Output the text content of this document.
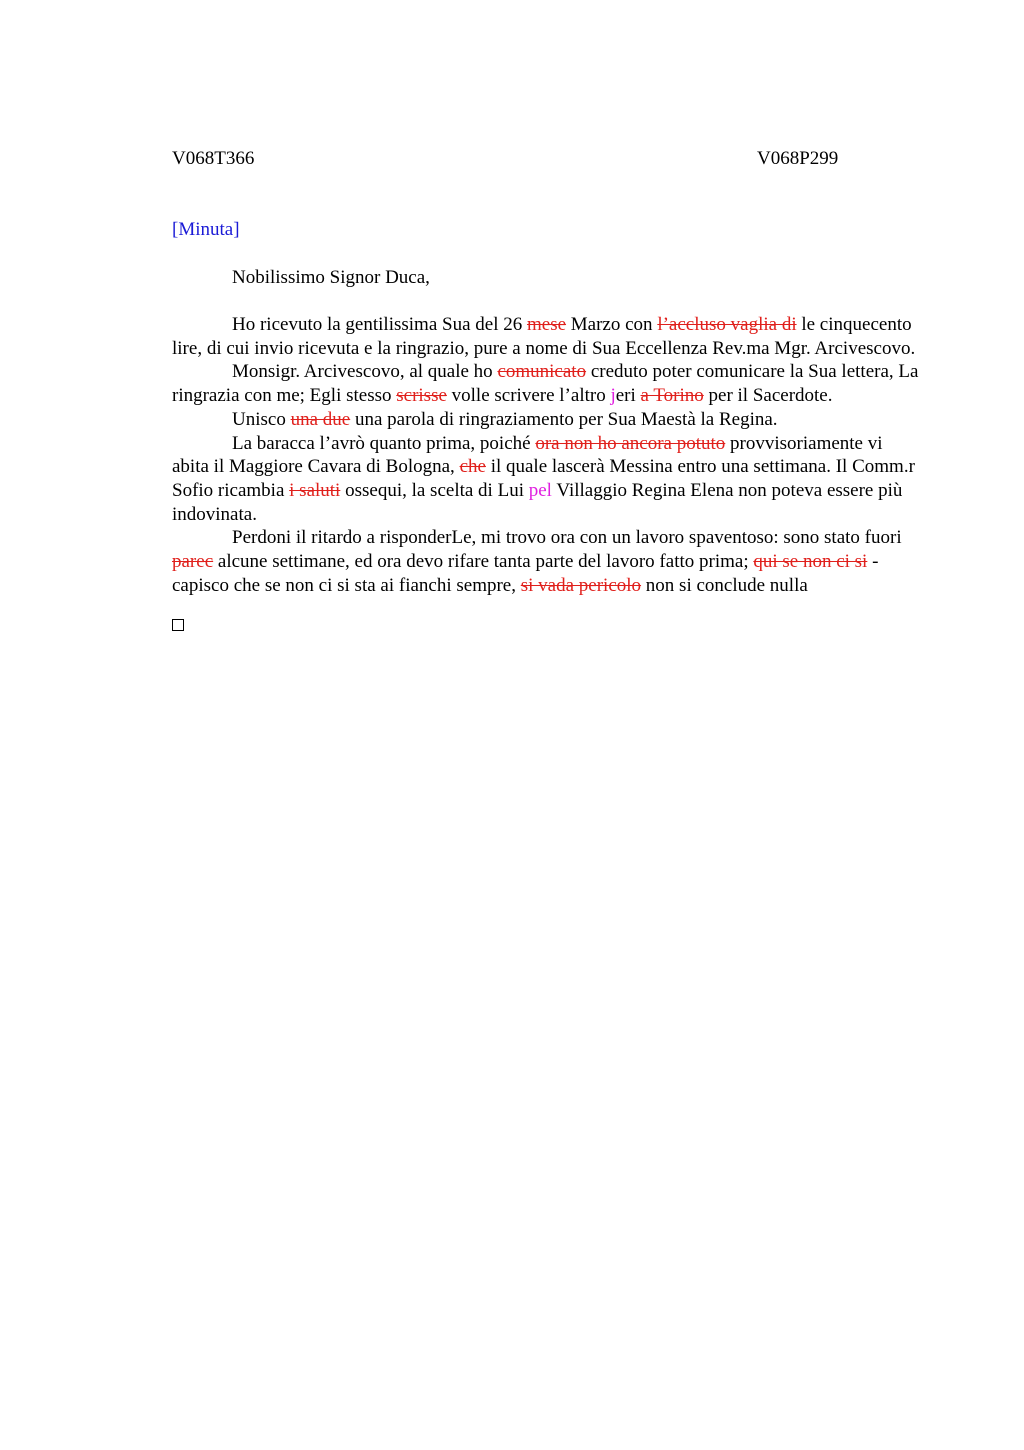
V068T366	V068P299
[Minuta]
Nobilissimo Signor Duca,

Ho ricevuto la gentilissima Sua del 26 mese Marzo con l’accluso vaglia di le cinquecento lire, di cui invio ricevuta e la ringrazio, pure a nome di Sua Eccellenza Rev.ma Mgr. Arcivescovo.

Monsigr. Arcivescovo, al quale ho comunicato creduto poter comunicare la Sua lettera, La ringrazia con me; Egli stesso scrisse volle scrivere l’altro jeri a Torino per il Sacerdote.

Unisco una due una parola di ringraziamento per Sua Maestà la Regina.

La baracca l’avrò quanto prima, poiché ora non ho ancora potuto provvisoriamente vi abita il Maggiore Cavara di Bologna, che il quale lascerà Messina entro una settimana. Il Comm.r Sofio ricambia i saluti ossequi, la scelta di Lui pel Villaggio Regina Elena non poteva essere più indovinata.

Perdoni il ritardo a risponderLe, mi trovo ora con un lavoro spaventoso: sono stato fuori parec alcune settimane, ed ora devo rifare tanta parte del lavoro fatto prima; qui se non ci si - capisco che se non ci si sta ai fianchi sempre, si vada pericolo non si conclude nulla
